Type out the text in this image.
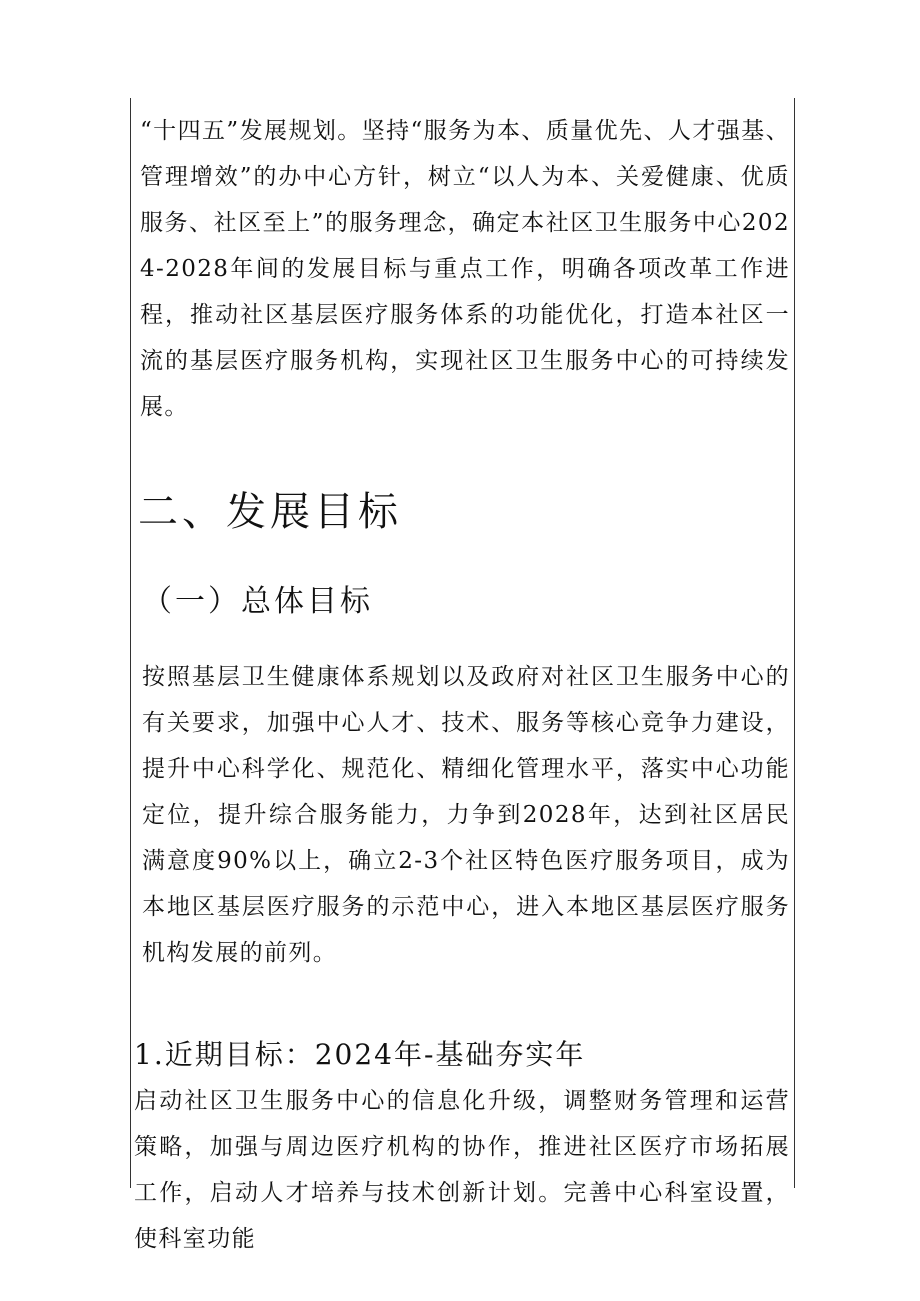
“十四五”发展规划。坚持“服务为本、质量优先、人才强基、管理增效”的办中心方针，树立“以人为本、关爱健康、优质服务、社区至上”的服务理念，确定本社区卫生服务中心2024-2028年间的发展目标与重点工作，明确各项改革工作进程，推动社区基层医疗服务体系的功能优化，打造本社区一流的基层医疗服务机构，实现社区卫生服务中心的可持续发展。

二、发展目标
（一）总体目标

按照基层卫生健康体系规划以及政府对社区卫生服务中心的有关要求，加强中心人才、技术、服务等核心竞争力建设，提升中心科学化、规范化、精细化管理水平，落实中心功能定位，提升综合服务能力，力争到2028年，达到社区居民满意度90%以上，确立2-3个社区特色医疗服务项目，成为本地区基层医疗服务的示范中心，进入本地区基层医疗服务机构发展的前列。

1.近期目标：2024年-基础夯实年

启动社区卫生服务中心的信息化升级，调整财务管理和运营策略，加强与周边医疗机构的协作，推进社区医疗市场拓展工作，启动人才培养与技术创新计划。完善中心科室设置，使科室功能
